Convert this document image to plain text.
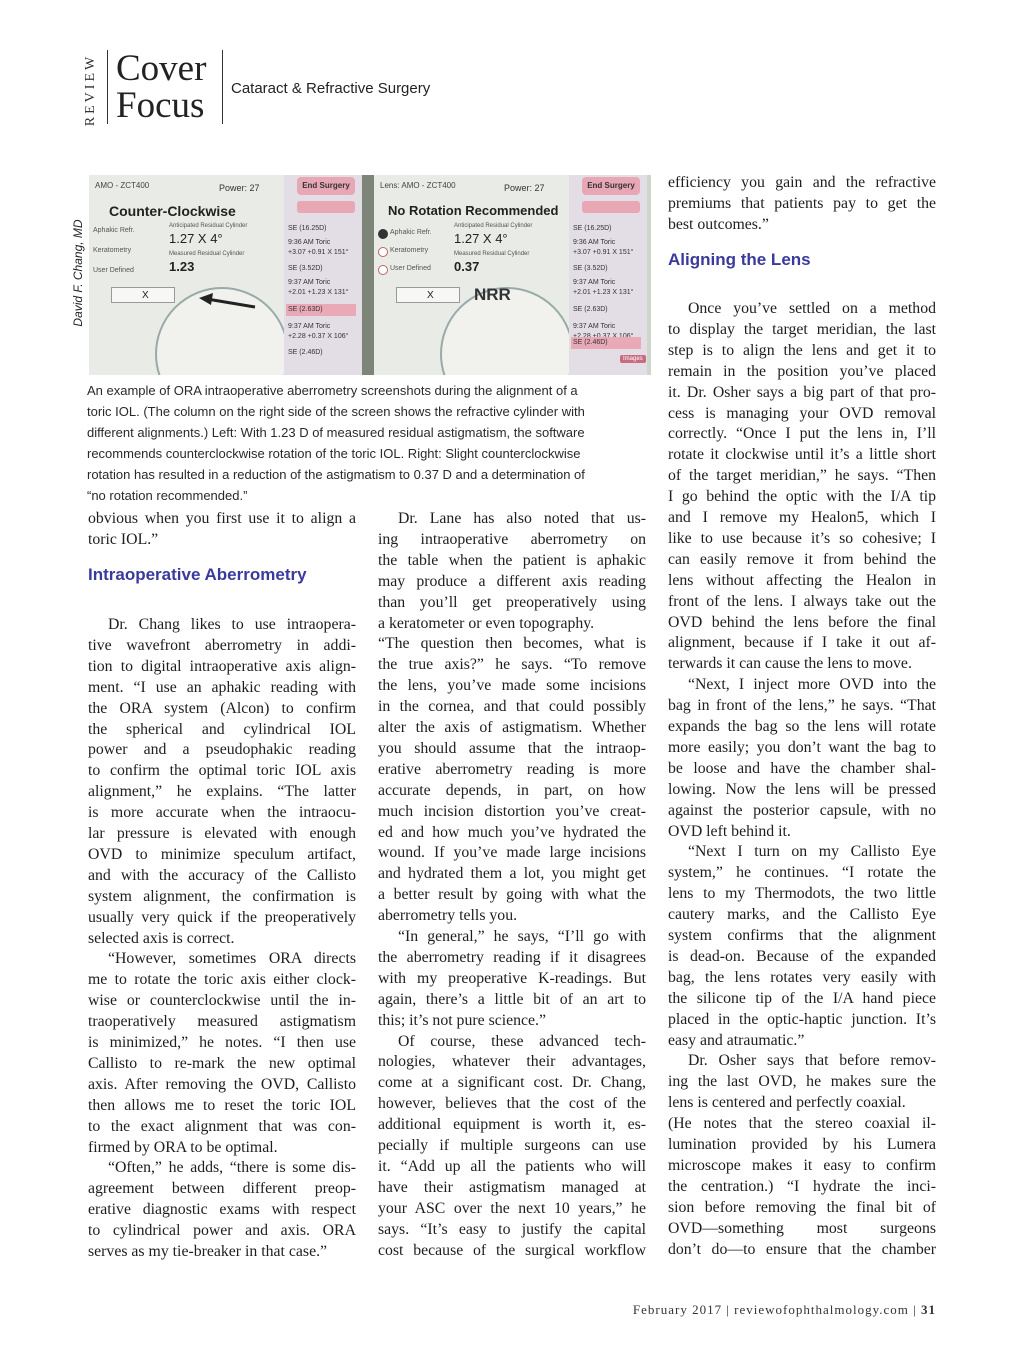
REVIEW Cover
Focus Cataract & Refractive Surgery
David F. Chang, MD
AMO - ZCT400	Power: 27
Counter-Clockwise
Aphakic Refr.
Keratometry
User Defined
Anticipated Residual Cylinder
1.27 X 4°
Measured Residual Cylinder
1.23
X
End Surgery
SE (16.25D)
9:36 AM Toric
+3.07 +0.91 X 151°
SE (3.52D)
9:37 AM Toric
+2.01 +1.23 X 131°
SE (2.63D)
9:37 AM Toric
+2.28 +0.37 X 106°
SE (2.46D)
Lens: AMO - ZCT400	Power: 27
No Rotation Recommended
Aphakic Refr.
Keratometry
User Defined
Anticipated Residual Cylinder
1.27 X 4°
Measured Residual Cylinder
0.37
X	NRR
End Surgery
SE (16.25D)
9:36 AM Toric
+3.07 +0.91 X 151°
SE (3.52D)
9:37 AM Toric
+2.01 +1.23 X 131°
SE (2.63D)
9:37 AM Toric
SE (2.46D)
Images

An example of ORA intraoperative aberrometry screenshots during the alignment of a

toric IOL. (The column on the right side of the screen shows the refractive cylinder with

different alignments.) Left: With 1.23 D of measured residual astigmatism, the software

recommends counterclockwise rotation of the toric IOL. Right: Slight counterclockwise

rotation has resulted in a reduction of the astigmatism to 0.37 D and a determination of

“no rotation recommended.”

obvious when you first use it to align a
toric IOL.”
Intraoperative Aberrometry
Dr. Chang likes to use intraopera-
tive wavefront aberrometry in addi-
tion to digital intraoperative axis align-
ment. “I use an aphakic reading with
the ORA system (Alcon) to confirm
the spherical and cylindrical IOL
power and a pseudophakic reading
to confirm the optimal toric IOL axis
alignment,” he explains. “The latter
is more accurate when the intraocu-
lar pressure is elevated with enough
OVD to minimize speculum artifact,
and with the accuracy of the Callisto
system alignment, the confirmation is
usually very quick if the preoperatively
selected axis is correct.
“However, sometimes ORA directs
me to rotate the toric axis either clock-
wise or counterclockwise until the in-
traoperatively measured astigmatism
is minimized,” he notes. “I then use
Callisto to re-mark the new optimal
axis. After removing the OVD, Callisto
then allows me to reset the toric IOL
to the exact alignment that was con-
firmed by ORA to be optimal.
“Often,” he adds, “there is some dis-
agreement between different preop-
erative diagnostic exams with respect
to cylindrical power and axis. ORA
serves as my tie-breaker in that case.”
Dr. Lane has also noted that us-
ing intraoperative aberrometry on
the table when the patient is aphakic
may produce a different axis reading
than you’ll get preoperatively using
a keratometer or even topography.
“The question then becomes, what is
the true axis?” he says. “To remove
the lens, you’ve made some incisions
in the cornea, and that could possibly
alter the axis of astigmatism. Whether
you should assume that the intraop-
erative aberrometry reading is more
accurate depends, in part, on how
much incision distortion you’ve creat-
ed and how much you’ve hydrated the
wound. If you’ve made large incisions
and hydrated them a lot, you might get
a better result by going with what the
aberrometry tells you.
“In general,” he says, “I’ll go with
the aberrometry reading if it disagrees
with my preoperative K-readings. But
again, there’s a little bit of an art to
this; it’s not pure science.”
Of course, these advanced tech-
nologies, whatever their advantages,
come at a significant cost. Dr. Chang,
however, believes that the cost of the
additional equipment is worth it, es-
pecially if multiple surgeons can use
it. “Add up all the patients who will
have their astigmatism managed at
your ASC over the next 10 years,” he
says. “It’s easy to justify the capital
cost because of the surgical workflow
efficiency you gain and the refractive
premiums that patients pay to get the
best outcomes.”
Aligning the Lens
Once you’ve settled on a method
to display the target meridian, the last
step is to align the lens and get it to
remain in the position you’ve placed
it. Dr. Osher says a big part of that pro-
cess is managing your OVD removal
correctly. “Once I put the lens in, I’ll
rotate it clockwise until it’s a little short
of the target meridian,” he says. “Then
I go behind the optic with the I/A tip
and I remove my Healon5, which I
like to use because it’s so cohesive; I
can easily remove it from behind the
lens without affecting the Healon in
front of the lens. I always take out the
OVD behind the lens before the final
alignment, because if I take it out af-
terwards it can cause the lens to move.
“Next, I inject more OVD into the
bag in front of the lens,” he says. “That
expands the bag so the lens will rotate
more easily; you don’t want the bag to
be loose and have the chamber shal-
lowing. Now the lens will be pressed
against the posterior capsule, with no
OVD left behind it.
“Next I turn on my Callisto Eye
system,” he continues. “I rotate the
lens to my Thermodots, the two little
cautery marks, and the Callisto Eye
system confirms that the alignment
is dead-on. Because of the expanded
bag, the lens rotates very easily with
the silicone tip of the I/A hand piece
placed in the optic-haptic junction. It’s
easy and atraumatic.”
Dr. Osher says that before remov-
ing the last OVD, he makes sure the
lens is centered and perfectly coaxial.
(He notes that the stereo coaxial il-
lumination provided by his Lumera
microscope makes it easy to confirm
the centration.) “I hydrate the inci-
sion before removing the final bit of
OVD—something most surgeons
don’t do—to ensure that the chamber
February 2017 | reviewofophthalmology.com | 31
